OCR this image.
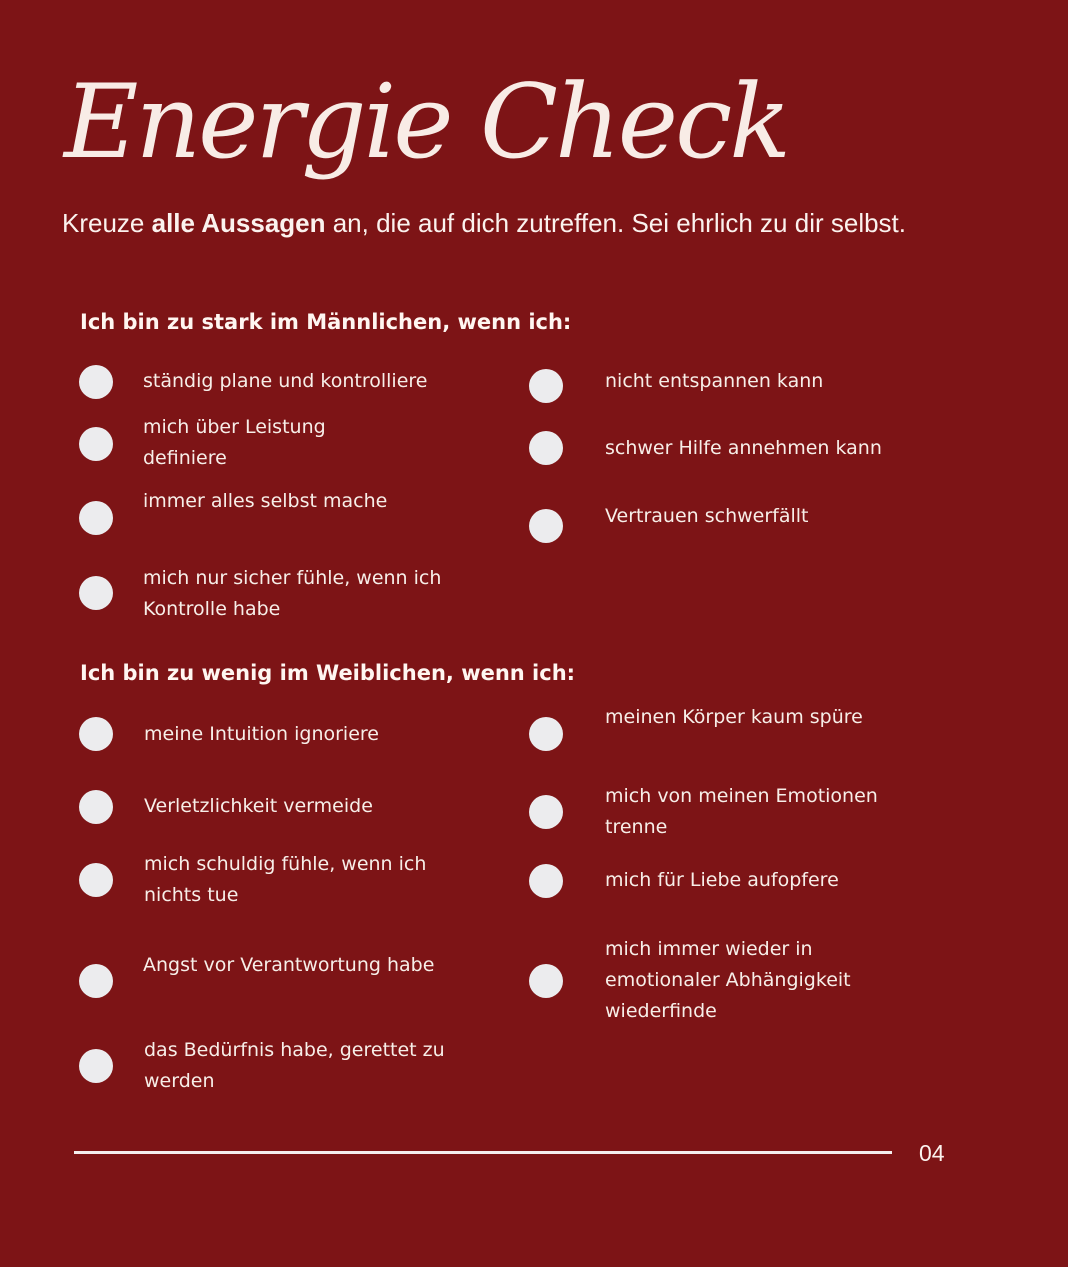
Energie Check

Kreuze alle Aussagen an, die auf dich zutreffen. Sei ehrlich zu dir selbst.

Ich bin zu stark im Männlichen, wenn ich:
ständig plane und kontrolliere
mich über Leistung
definiere
immer alles selbst mache
mich nur sicher fühle, wenn ich
Kontrolle habe
nicht entspannen kann
schwer Hilfe annehmen kann
Vertrauen schwerfällt
Ich bin zu wenig im Weiblichen, wenn ich:
meine Intuition ignoriere
Verletzlichkeit vermeide
mich schuldig fühle, wenn ich
nichts tue
Angst vor Verantwortung habe
das Bedürfnis habe, gerettet zu
werden
meinen Körper kaum spüre
mich von meinen Emotionen
trenne
mich für Liebe aufopfere
mich immer wieder in
emotionaler Abhängigkeit
wiederfinde
04
